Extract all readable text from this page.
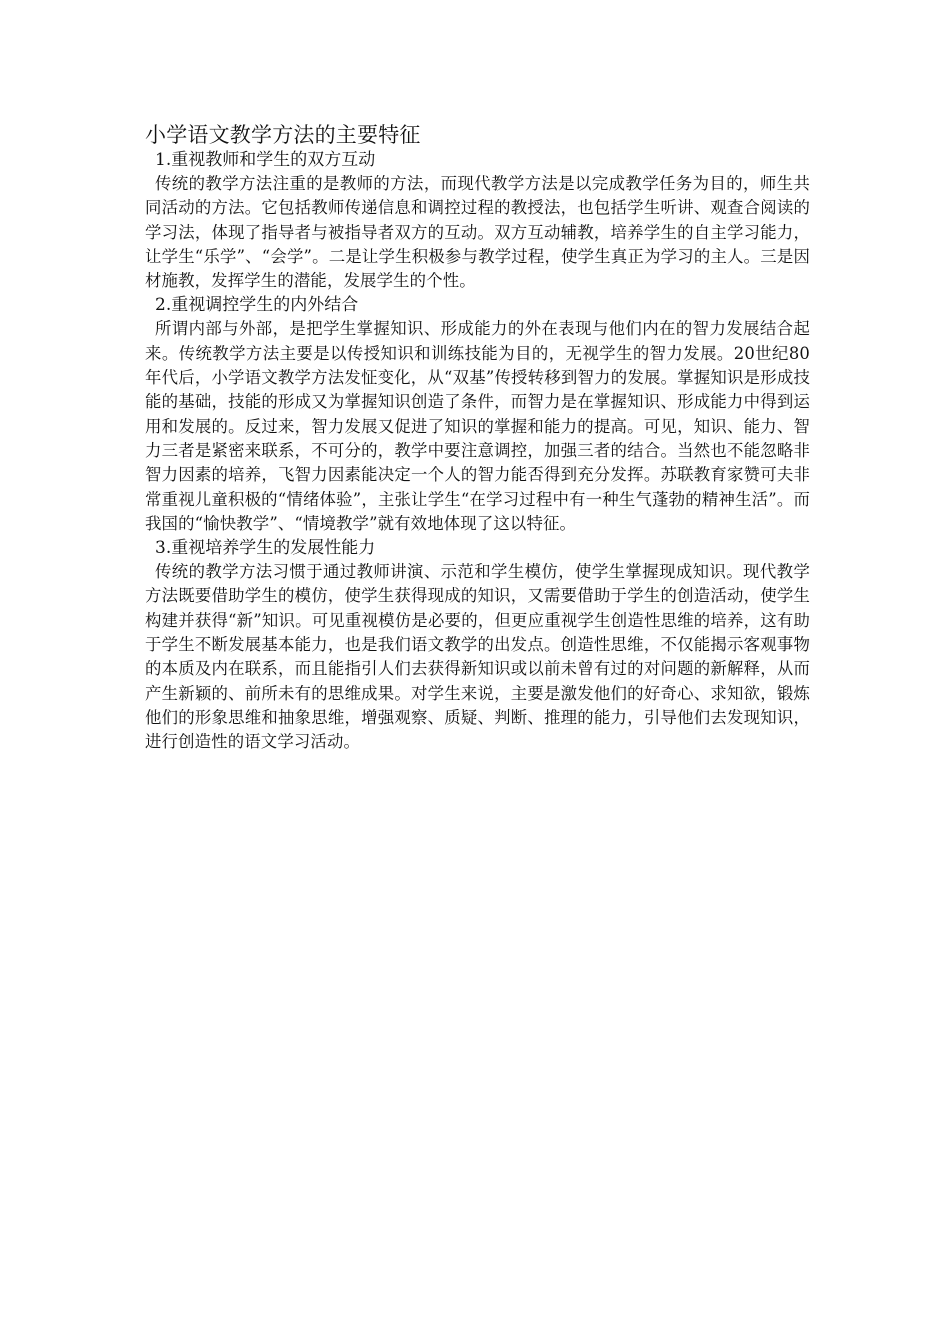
小学语文教学方法的主要特征
1.重视教师和学生的双方互动

传统的教学方法注重的是教师的方法，而现代教学方法是以完成教学任务为目的，师生共同活动的方法。它包括教师传递信息和调控过程的教授法，也包括学生听讲、观查合阅读的学习法，体现了指导者与被指导者双方的互动。双方互动辅教，培养学生的自主学习能力，让学生“乐学”、“会学”。二是让学生积极参与教学过程，使学生真正为学习的主人。三是因材施教，发挥学生的潜能，发展学生的个性。

2.重视调控学生的内外结合

所谓内部与外部，是把学生掌握知识、形成能力的外在表现与他们内在的智力发展结合起来。传统教学方法主要是以传授知识和训练技能为目的，无视学生的智力发展。20世纪80年代后，小学语文教学方法发怔变化，从“双基”传授转移到智力的发展。掌握知识是形成技能的基础，技能的形成又为掌握知识创造了条件，而智力是在掌握知识、形成能力中得到运用和发展的。反过来，智力发展又促进了知识的掌握和能力的提高。可见，知识、能力、智力三者是紧密来联系，不可分的，教学中要注意调控，加强三者的结合。当然也不能忽略非智力因素的培养，飞智力因素能决定一个人的智力能否得到充分发挥。苏联教育家赞可夫非常重视儿童积极的“情绪体验”，主张让学生“在学习过程中有一种生气蓬勃的精神生活”。而我国的“愉快教学”、“情境教学”就有效地体现了这以特征。

3.重视培养学生的发展性能力

传统的教学方法习惯于通过教师讲演、示范和学生模仿，使学生掌握现成知识。现代教学方法既要借助学生的模仿，使学生获得现成的知识，又需要借助于学生的创造活动，使学生构建并获得“新”知识。可见重视模仿是必要的，但更应重视学生创造性思维的培养，这有助于学生不断发展基本能力，也是我们语文教学的出发点。创造性思维，不仅能揭示客观事物的本质及内在联系，而且能指引人们去获得新知识或以前未曾有过的对问题的新解释，从而产生新颖的、前所未有的思维成果。对学生来说，主要是激发他们的好奇心、求知欲，锻炼他们的形象思维和抽象思维，增强观察、质疑、判断、推理的能力，引导他们去发现知识，进行创造性的语文学习活动。
